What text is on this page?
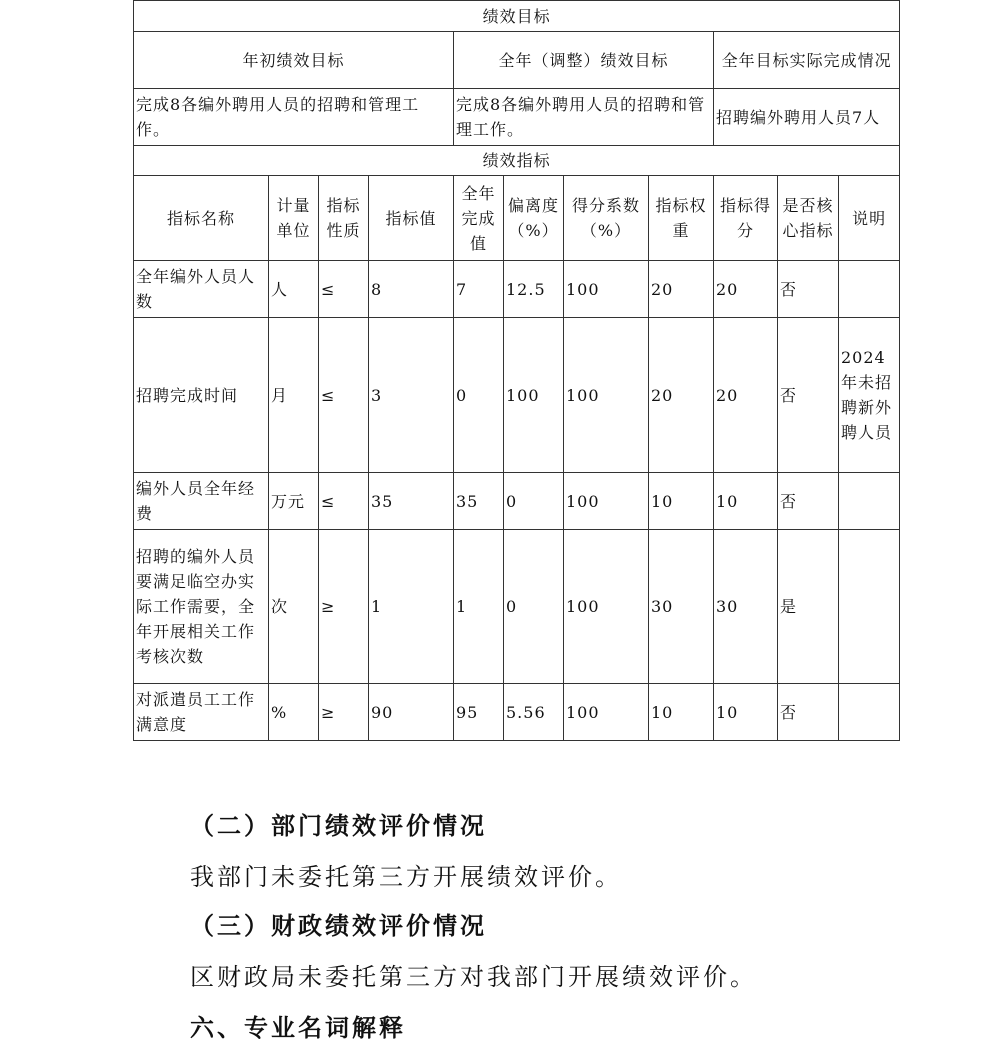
绩效目标										
年初绩效目标				全年（调整）绩效目标				全年目标实际完成情况		
完成8各编外聘用人员的招聘和管理工作。				完成8各编外聘用人员的招聘和管理工作。				招聘编外聘用人员7人		
绩效指标										
指标名称	计量单位	指标性质	指标值	全年完成值	偏离度（%）	得分系数（%）	指标权重	指标得分	是否核心指标	说明
全年编外人员人数	人	≤	8	7	12.5	100	20	20	否	
招聘完成时间	月	≤	3	0	100	100	20	20	否	2024年未招聘新外聘人员
编外人员全年经费	万元	≤	35	35	0	100	10	10	否	
招聘的编外人员要满足临空办实际工作需要，全年开展相关工作考核次数	次	≥	1	1	0	100	30	30	是	
对派遣员工工作满意度	%	≥	90	95	5.56	100	10	10	否	
（二）部门绩效评价情况
我部门未委托第三方开展绩效评价。
（三）财政绩效评价情况
区财政局未委托第三方对我部门开展绩效评价。
六、专业名词解释
